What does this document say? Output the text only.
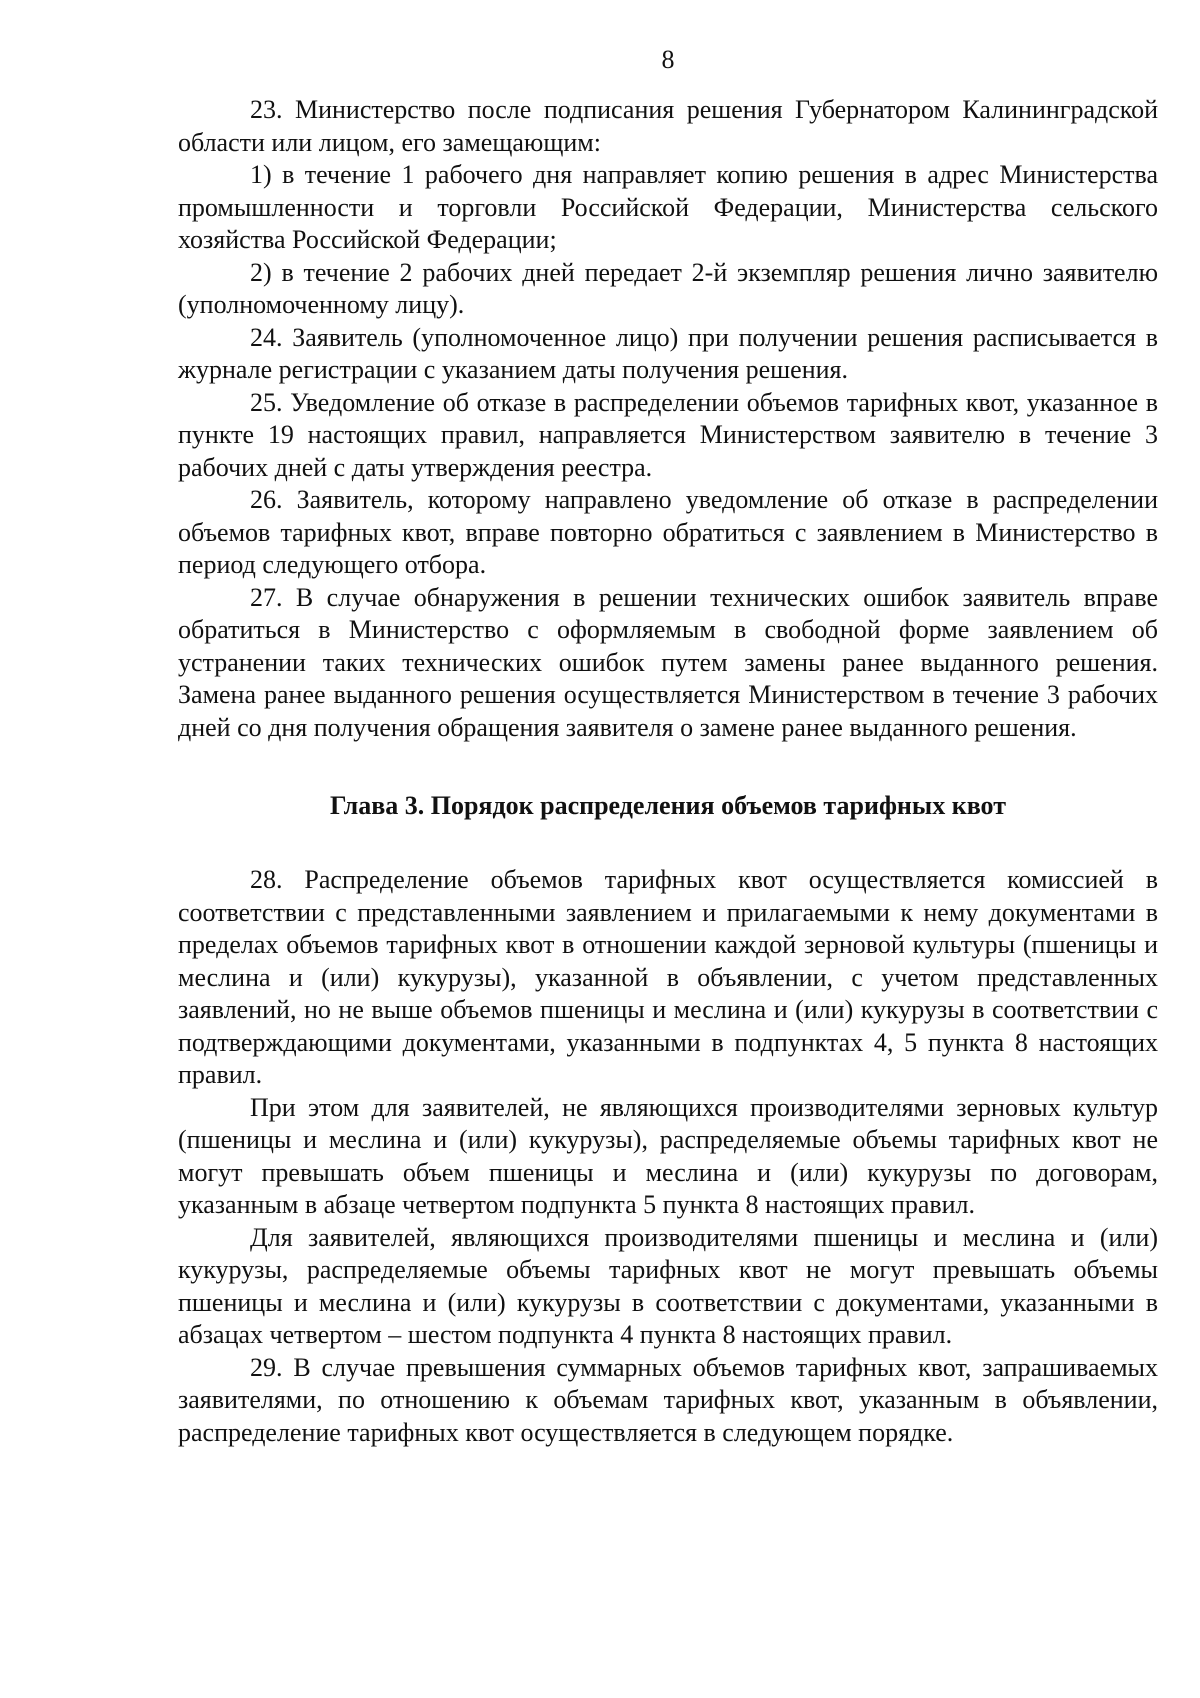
8

23. Министерство после подписания решения Губернатором Калининградской области или лицом, его замещающим:

1) в течение 1 рабочего дня направляет копию решения в адрес Министерства промышленности и торговли Российской Федерации, Министерства сельского хозяйства Российской Федерации;

2) в течение 2 рабочих дней передает 2-й экземпляр решения лично заявителю (уполномоченному лицу).

24. Заявитель (уполномоченное лицо) при получении решения расписывается в журнале регистрации с указанием даты получения решения.

25. Уведомление об отказе в распределении объемов тарифных квот, указанное в пункте 19 настоящих правил, направляется Министерством заявителю в течение 3 рабочих дней с даты утверждения реестра.

26. Заявитель, которому направлено уведомление об отказе в распределении объемов тарифных квот, вправе повторно обратиться с заявлением в Министерство в период следующего отбора.

27. В случае обнаружения в решении технических ошибок заявитель вправе обратиться в Министерство с оформляемым в свободной форме заявлением об устранении таких технических ошибок путем замены ранее выданного решения. Замена ранее выданного решения осуществляется Министерством в течение 3 рабочих дней со дня получения обращения заявителя о замене ранее выданного решения.

Глава 3. Порядок распределения объемов тарифных квот

28. Распределение объемов тарифных квот осуществляется комиссией в соответствии с представленными заявлением и прилагаемыми к нему документами в пределах объемов тарифных квот в отношении каждой зерновой культуры (пшеницы и меслина и (или) кукурузы), указанной в объявлении, с учетом представленных заявлений, но не выше объемов пшеницы и меслина и (или) кукурузы в соответствии с подтверждающими документами, указанными в подпунктах 4, 5 пункта 8 настоящих правил.

При этом для заявителей, не являющихся производителями зерновых культур (пшеницы и меслина и (или) кукурузы), распределяемые объемы тарифных квот не могут превышать объем пшеницы и меслина и (или) кукурузы по договорам, указанным в абзаце четвертом подпункта 5 пункта 8 настоящих правил.

Для заявителей, являющихся производителями пшеницы и меслина и (или) кукурузы, распределяемые объемы тарифных квот не могут превышать объемы пшеницы и меслина и (или) кукурузы в соответствии с документами, указанными в абзацах четвертом – шестом подпункта 4 пункта 8 настоящих правил.

29. В случае превышения суммарных объемов тарифных квот, запрашиваемых заявителями, по отношению к объемам тарифных квот, указанным в объявлении, распределение тарифных квот осуществляется в следующем порядке.
